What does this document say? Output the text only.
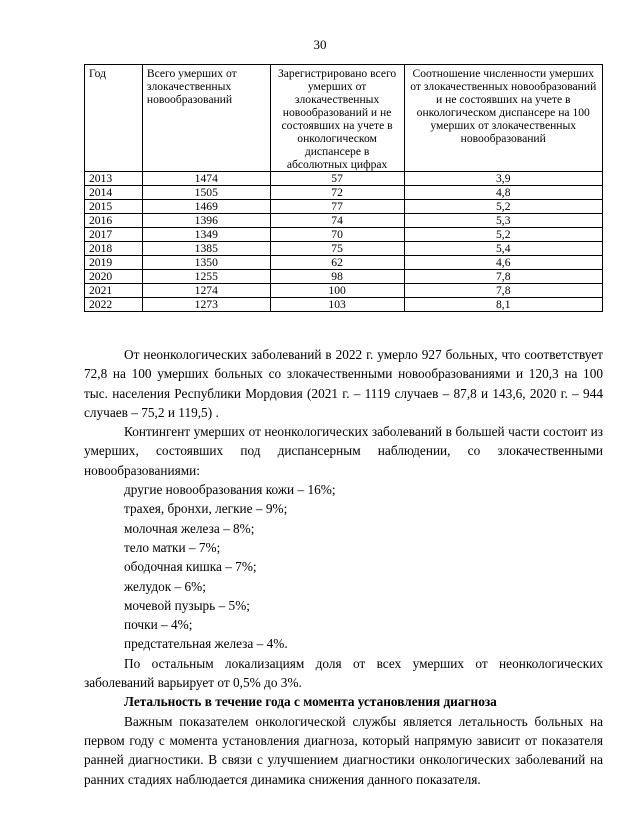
30
Год	Всего умерших от злокачественных новообразований	Зарегистрировано всего умерших от злокачественных новообразований и не состоявших на учете в онкологическом диспансере в абсолютных цифрах	Соотношение численности умерших от злокачественных новообразований и не состоявших на учете в онкологическом диспансере на 100 умерших от злокачественных новообразований
2013	1474	57	3,9
2014	1505	72	4,8
2015	1469	77	5,2
2016	1396	74	5,3
2017	1349	70	5,2
2018	1385	75	5,4
2019	1350	62	4,6
2020	1255	98	7,8
2021	1274	100	7,8
2022	1273	103	8,1

От неонкологических заболеваний в 2022 г. умерло 927 больных, что соответствует 72,8 на 100 умерших больных со злокачественными новообразованиями и 120,3 на 100 тыс. населения Республики Мордовия (2021 г. – 1119 случаев – 87,8 и 143,6, 2020 г. – 944 случаев – 75,2 и 119,5) .

Контингент умерших от неонкологических заболеваний в большей части состоит из умерших, состоявших под диспансерным наблюдении, со злокачественными новообразованиями:

другие новообразования кожи – 16%;
трахея, бронхи, легкие – 9%;
молочная железа – 8%;
тело матки – 7%;
ободочная кишка – 7%;
желудок – 6%;
мочевой пузырь – 5%;
почки – 4%;
предстательная железа – 4%.

По остальным локализациям доля от всех умерших от неонкологических заболеваний варьирует от 0,5% до 3%.

Летальность в течение года с момента установления диагноза

Важным показателем онкологической службы является летальность больных на первом году с момента установления диагноза, который напрямую зависит от показателя ранней диагностики. В связи с улучшением диагностики онкологических заболеваний на ранних стадиях наблюдается динамика снижения данного показателя.
